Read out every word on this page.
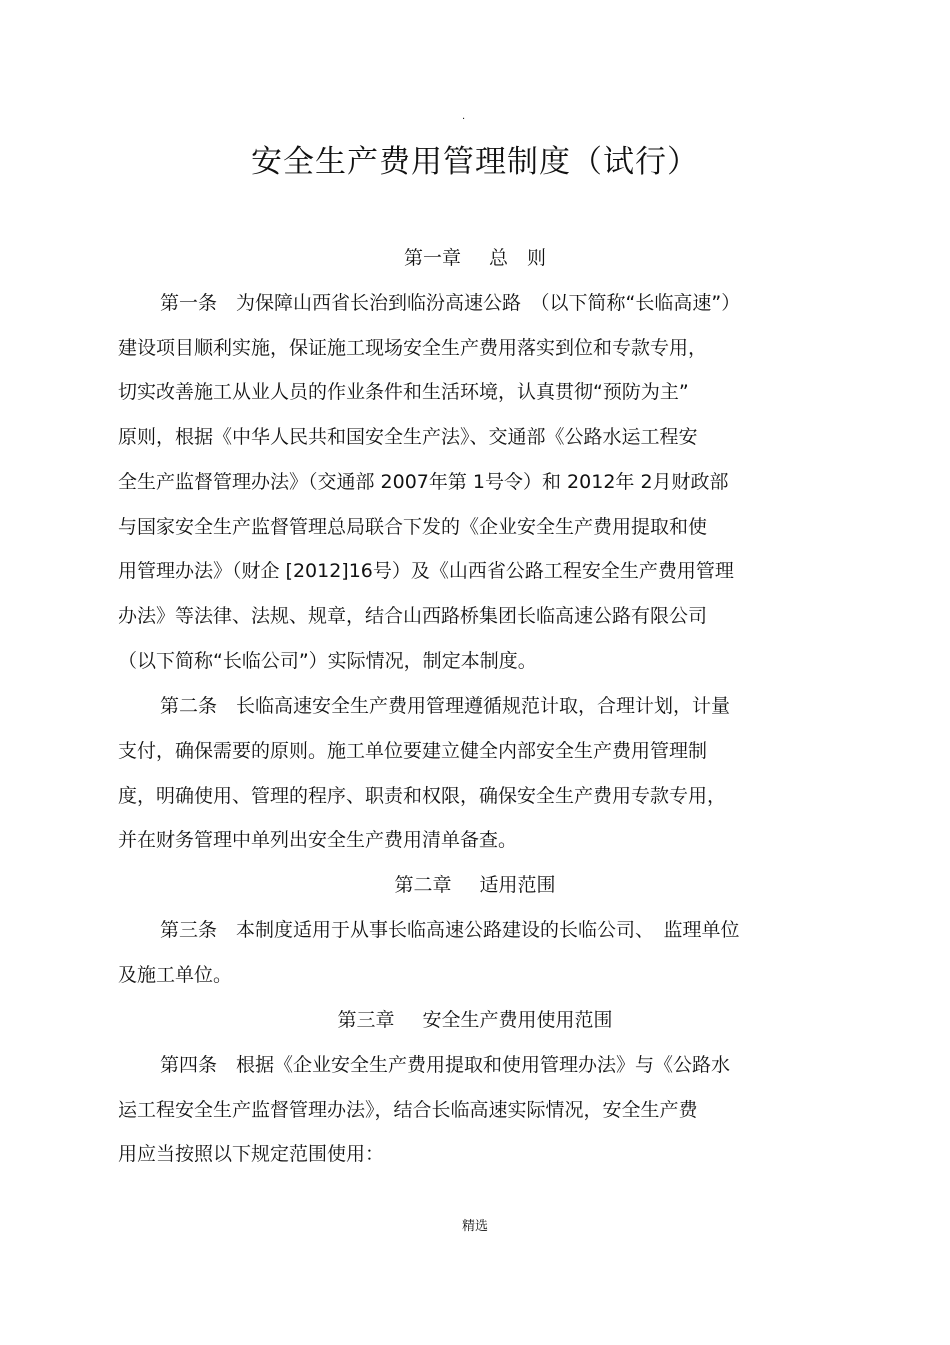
.
安全生产费用管理制度（试行）
第一章 总　则
第一条　为保障山西省长治到临汾高速公路　（以下简称“长临高速”）
建设项目顺利实施，保证施工现场安全生产费用落实到位和专款专用，
切实改善施工从业人员的作业条件和生活环境，认真贯彻“预防为主”
原则，根据《中华人民共和国安全生产法》、交通部《公路水运工程安
全生产监督管理办法》（交通部 2007年第 1号令）和 2012年 2月财政部
与国家安全生产监督管理总局联合下发的《企业安全生产费用提取和使
用管理办法》（财企 [2012]16号）及《山西省公路工程安全生产费用管理
办法》等法律、法规、规章，结合山西路桥集团长临高速公路有限公司
（以下简称“长临公司”）实际情况，制定本制度。
第二条　长临高速安全生产费用管理遵循规范计取，合理计划，计量
支付，确保需要的原则。施工单位要建立健全内部安全生产费用管理制
度，明确使用、管理的程序、职责和权限，确保安全生产费用专款专用，
并在财务管理中单列出安全生产费用清单备查。
第二章 适用范围
第三条　本制度适用于从事长临高速公路建设的长临公司、　监理单位
及施工单位。
第三章 安全生产费用使用范围
第四条　根据《企业安全生产费用提取和使用管理办法》与《公路水
运工程安全生产监督管理办法》，结合长临高速实际情况，安全生产费
用应当按照以下规定范围使用：
精选
